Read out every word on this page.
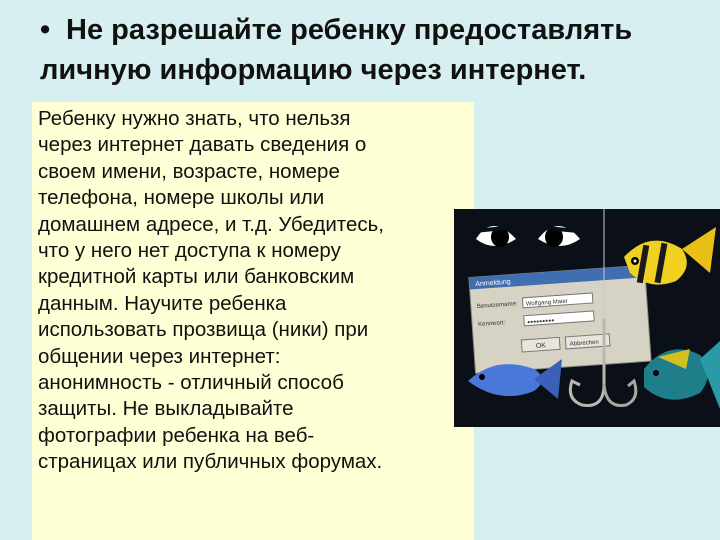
• Не разрешайте ребенку предоставлять
личную информацию через интернет.

Ребенку нужно знать, что нельзя
через интернет давать сведения о
своем имени, возрасте, номере
телефона, номере школы или
домашнем адресе, и т.д. Убедитесь,
что у него нет доступа к номеру
кредитной карты или банковским
данным. Научите ребенка
использовать прозвища (ники) при
общении через интернет:
анонимность - отличный способ
защиты. Не выкладывайте
фотографии ребенка на веб-
страницах или публичных форумах.

Anmeldung
Benutzername: Wolfgang Maier
Kennwort:	●●●●●●●●●
OK	Abbrechen
